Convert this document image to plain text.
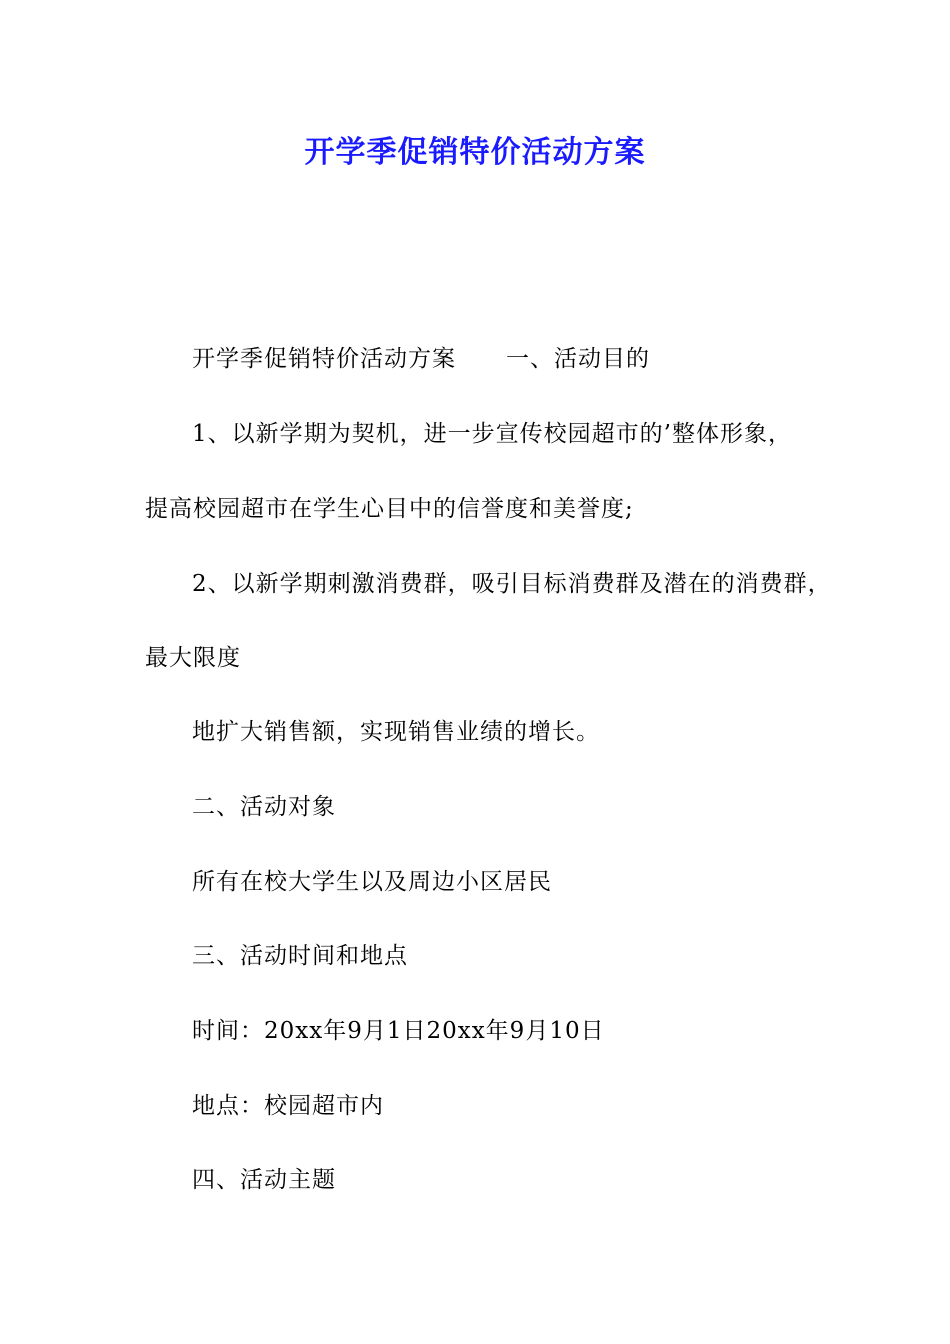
开学季促销特价活动方案
开学季促销特价活动方案 一、活动目的
1、以新学期为契机，进一步宣传校园超市的’整体形象，
提高校园超市在学生心目中的信誉度和美誉度;
2、以新学期刺激消费群，吸引目标消费群及潜在的消费群，
最大限度
地扩大销售额，实现销售业绩的增长。
二、活动对象
所有在校大学生以及周边小区居民
三、活动时间和地点
时间：20xx年9月1日20xx年9月10日
地点：校园超市内
四、活动主题
